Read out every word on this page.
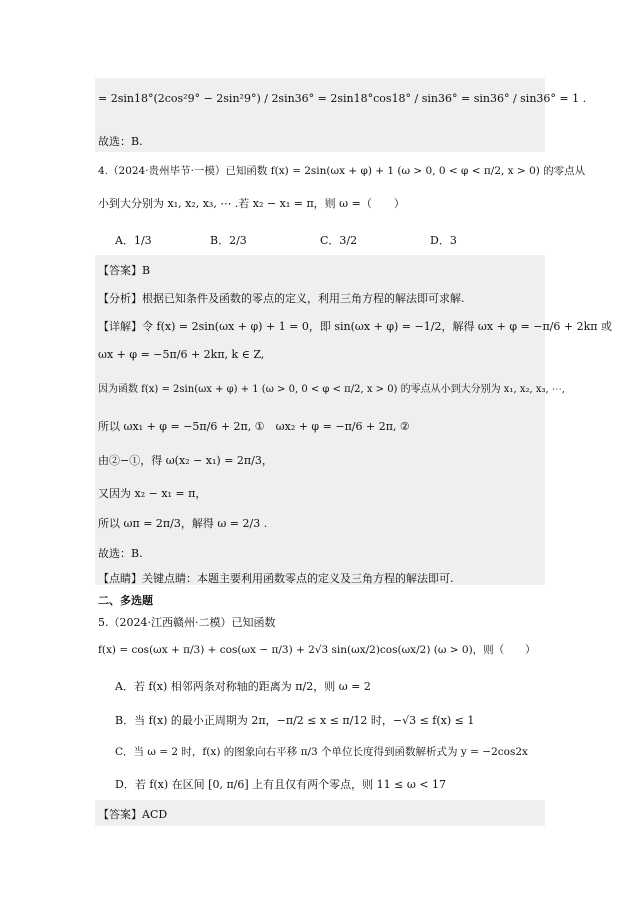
= 2sin18°(2cos²9° − 2sin²9°) / 2sin36° = 2sin18°cos18° / sin36° = sin36° / sin36° = 1 .
故选：B.
4.（2024·贵州毕节·一模）已知函数 f(x) = 2sin(ωx + φ) + 1 (ω > 0, 0 < φ < π/2, x > 0) 的零点从
小到大分别为 x₁, x₂, x₃, ⋯ .若 x₂ − x₁ = π，则 ω =（　　）
A．1/3	B．2/3	C．3/2	D．3
【答案】B
【分析】根据已知条件及函数的零点的定义，利用三角方程的解法即可求解.
【详解】令 f(x) = 2sin(ωx + φ) + 1 = 0，即 sin(ωx + φ) = −1/2，解得 ωx + φ = −π/6 + 2kπ 或
ωx + φ = −5π/6 + 2kπ, k ∈ Z,
因为函数 f(x) = 2sin(ωx + φ) + 1 (ω > 0, 0 < φ < π/2, x > 0) 的零点从小到大分别为 x₁, x₂, x₃, ⋯,
所以 ωx₁ + φ = −5π/6 + 2π, ①　ωx₂ + φ = −π/6 + 2π, ②
由②−①，得 ω(x₂ − x₁) = 2π/3，
又因为 x₂ − x₁ = π，
所以 ωπ = 2π/3，解得 ω = 2/3 .
故选：B.
【点睛】关键点睛：本题主要利用函数零点的定义及三角方程的解法即可.
二、多选题
5.（2024·江西赣州·二模）已知函数
f(x) = cos(ωx + π/3) + cos(ωx − π/3) + 2√3 sin(ωx/2)cos(ωx/2) (ω > 0)，则（　　）
A．若 f(x) 相邻两条对称轴的距离为 π/2，则 ω = 2
B．当 f(x) 的最小正周期为 2π，−π/2 ≤ x ≤ π/12 时，−√3 ≤ f(x) ≤ 1
C．当 ω = 2 时，f(x) 的图象向右平移 π/3 个单位长度得到函数解析式为 y = −2cos2x
D．若 f(x) 在区间 [0, π/6] 上有且仅有两个零点，则 11 ≤ ω < 17
【答案】ACD
